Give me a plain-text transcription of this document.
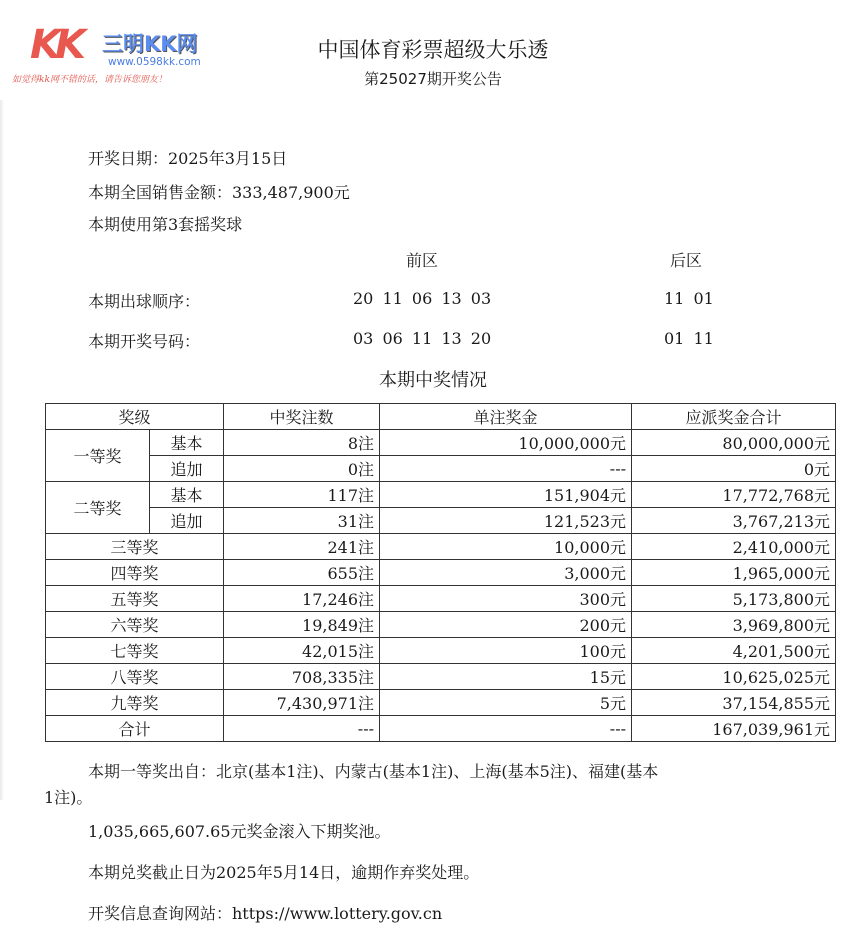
KK 三明KK网
www.0598kk.com
如觉得kk网不错的话，请告诉您朋友！
中国体育彩票超级大乐透
第25027期开奖公告
开奖日期：2025年3月15日
本期全国销售金额：333,487,900元
本期使用第3套摇奖球
前区	后区
本期出球顺序：	20 11 06 13 03	11 01
本期开奖号码：	03 06 11 13 20	01 11
本期中奖情况
奖级		中奖注数	单注奖金	应派奖金合计
一等奖	基本	8注	10,000,000元	80,000,000元
	追加	0注	---	0元
二等奖	基本	117注	151,904元	17,772,768元
	追加	31注	121,523元	3,767,213元
三等奖		241注	10,000元	2,410,000元
四等奖		655注	3,000元	1,965,000元
五等奖		17,246注	300元	5,173,800元
六等奖		19,849注	200元	3,969,800元
七等奖		42,015注	100元	4,201,500元
八等奖		708,335注	15元	10,625,025元
九等奖		7,430,971注	5元	37,154,855元
合计		---	---	167,039,961元
本期一等奖出自：北京(基本1注)、内蒙古(基本1注)、上海(基本5注)、福建(基本
1注)。
1,035,665,607.65元奖金滚入下期奖池。
本期兑奖截止日为2025年5月14日，逾期作弃奖处理。
开奖信息查询网站：https://www.lottery.gov.cn
